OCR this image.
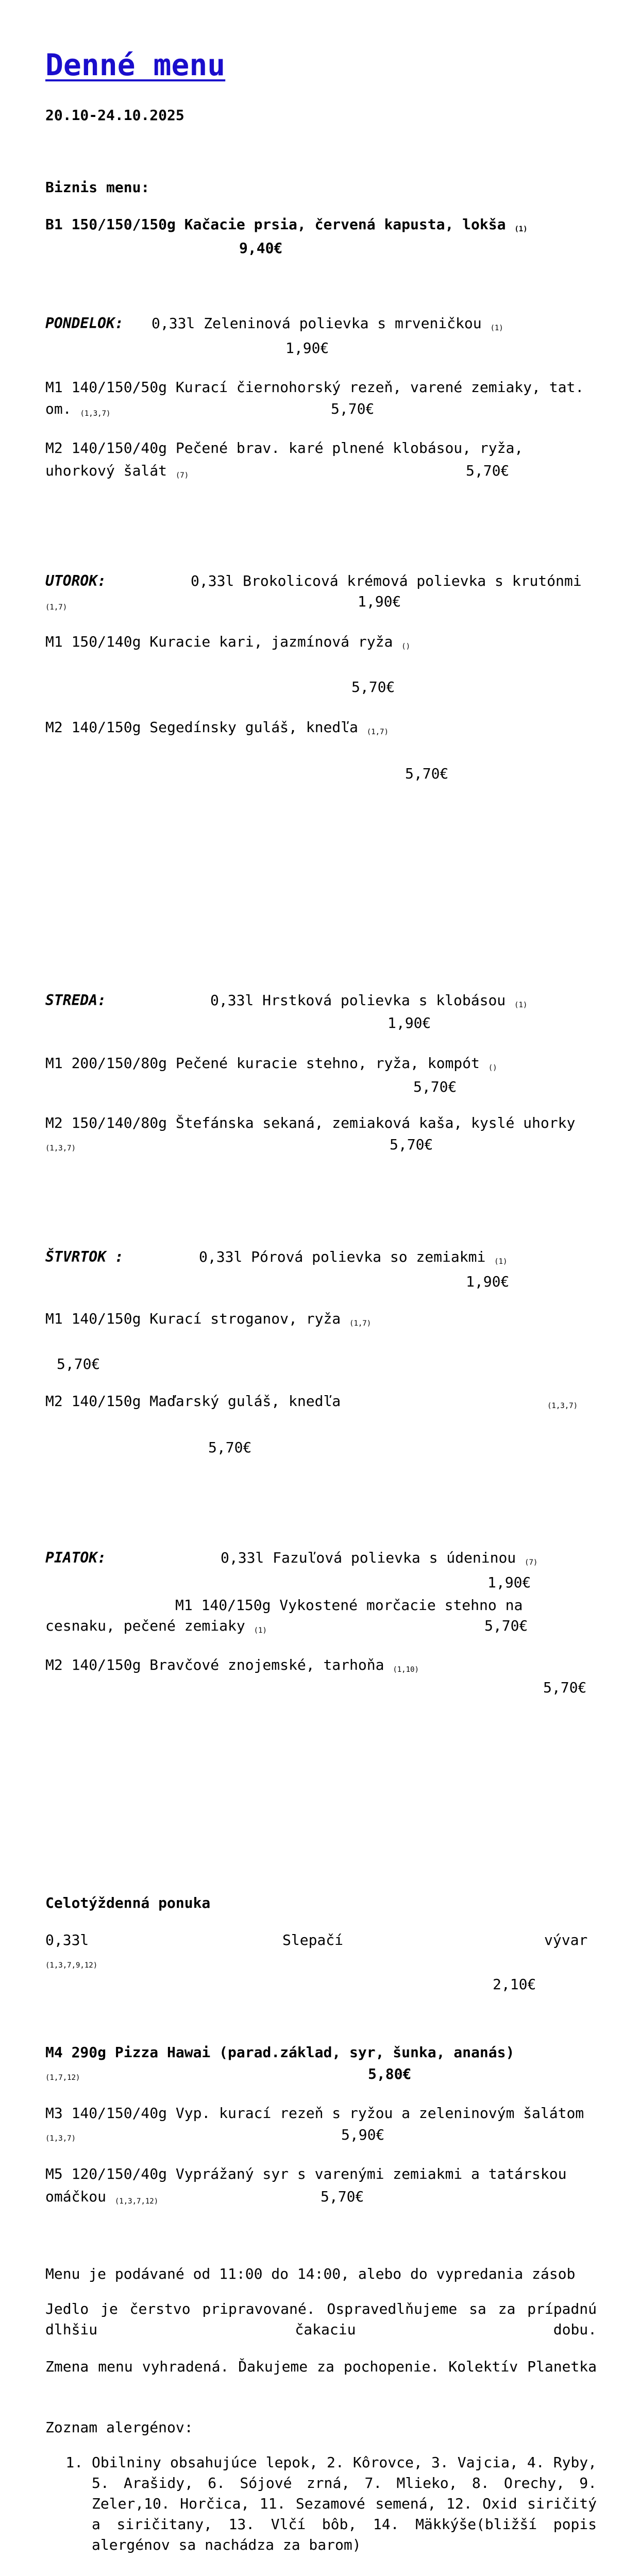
Denné menu
20.10-24.10.2025
Biznis menu:
B1 150/150/150g Kačacie prsia, červená kapusta, lokša (1)
9,40€
PONDELOK: 0,33l Zeleninová polievka s mrveničkou (1)
1,90€
M1 140/150/50g Kurací čiernohorský rezeň, varené zemiaky, tat.
om. (1,3,7)	5,70€
M2 140/150/40g Pečené brav. karé plnené klobásou, ryža,
uhorkový šalát (7)	5,70€
UTOROK:	0,33l Brokolicová krémová polievka s krutónmi
(1,7)	1,90€
M1 150/140g Kuracie kari, jazmínová ryža ()
5,70€
M2 140/150g Segedínsky guláš, knedľa (1,7)
5,70€
STREDA:	0,33l Hrstková polievka s klobásou (1)
1,90€
M1 200/150/80g Pečené kuracie stehno, ryža, kompót ()
5,70€
M2 150/140/80g Štefánska sekaná, zemiaková kaša, kyslé uhorky
(1,3,7)	5,70€
ŠTVRTOK :	0,33l Pórová polievka so zemiakmi (1)
1,90€
M1 140/150g Kurací stroganov, ryža (1,7)
5,70€
M2 140/150g Maďarský guláš, knedľa	(1,3,7)
5,70€
PIATOK:	0,33l Fazuľová polievka s údeninou (7)
1,90€
M1 140/150g Vykostené morčacie stehno na
cesnaku, pečené zemiaky (1)	5,70€
M2 140/150g Bravčové znojemské, tarhoňa (1,10)
5,70€
Celotýždenná ponuka
0,33l	Slepačí	vývar
(1,3,7,9,12)
2,10€
M4 290g Pizza Hawai (parad.základ, syr, šunka, ananás)
(1,7,12)	5,80€
M3 140/150/40g Vyp. kurací rezeň s ryžou a zeleninovým šalátom
(1,3,7)	5,90€
M5 120/150/40g Vyprážaný syr s varenými zemiakmi a tatárskou
omáčkou (1,3,7,12)	5,70€
Menu je podávané od 11:00 do 14:00, alebo do vypredania zásob
Jedlo je čerstvo pripravované. Ospravedlňujeme sa za prípadnú dlhšiu čakaciu dobu.
Zmena menu vyhradená. Ďakujeme za pochopenie. Kolektív Planetka
Zoznam alergénov:
1. Obilniny obsahujúce lepok, 2. Kôrovce, 3. Vajcia, 4. Ryby, 5. Arašidy, 6. Sójové zrná, 7. Mlieko, 8. Orechy, 9. Zeler,10. Horčica, 11. Sezamové semená, 12. Oxid siričitý a siričitany, 13. Vlčí bôb, 14. Mäkkýše(bližší popis alergénov sa nachádza za barom)
